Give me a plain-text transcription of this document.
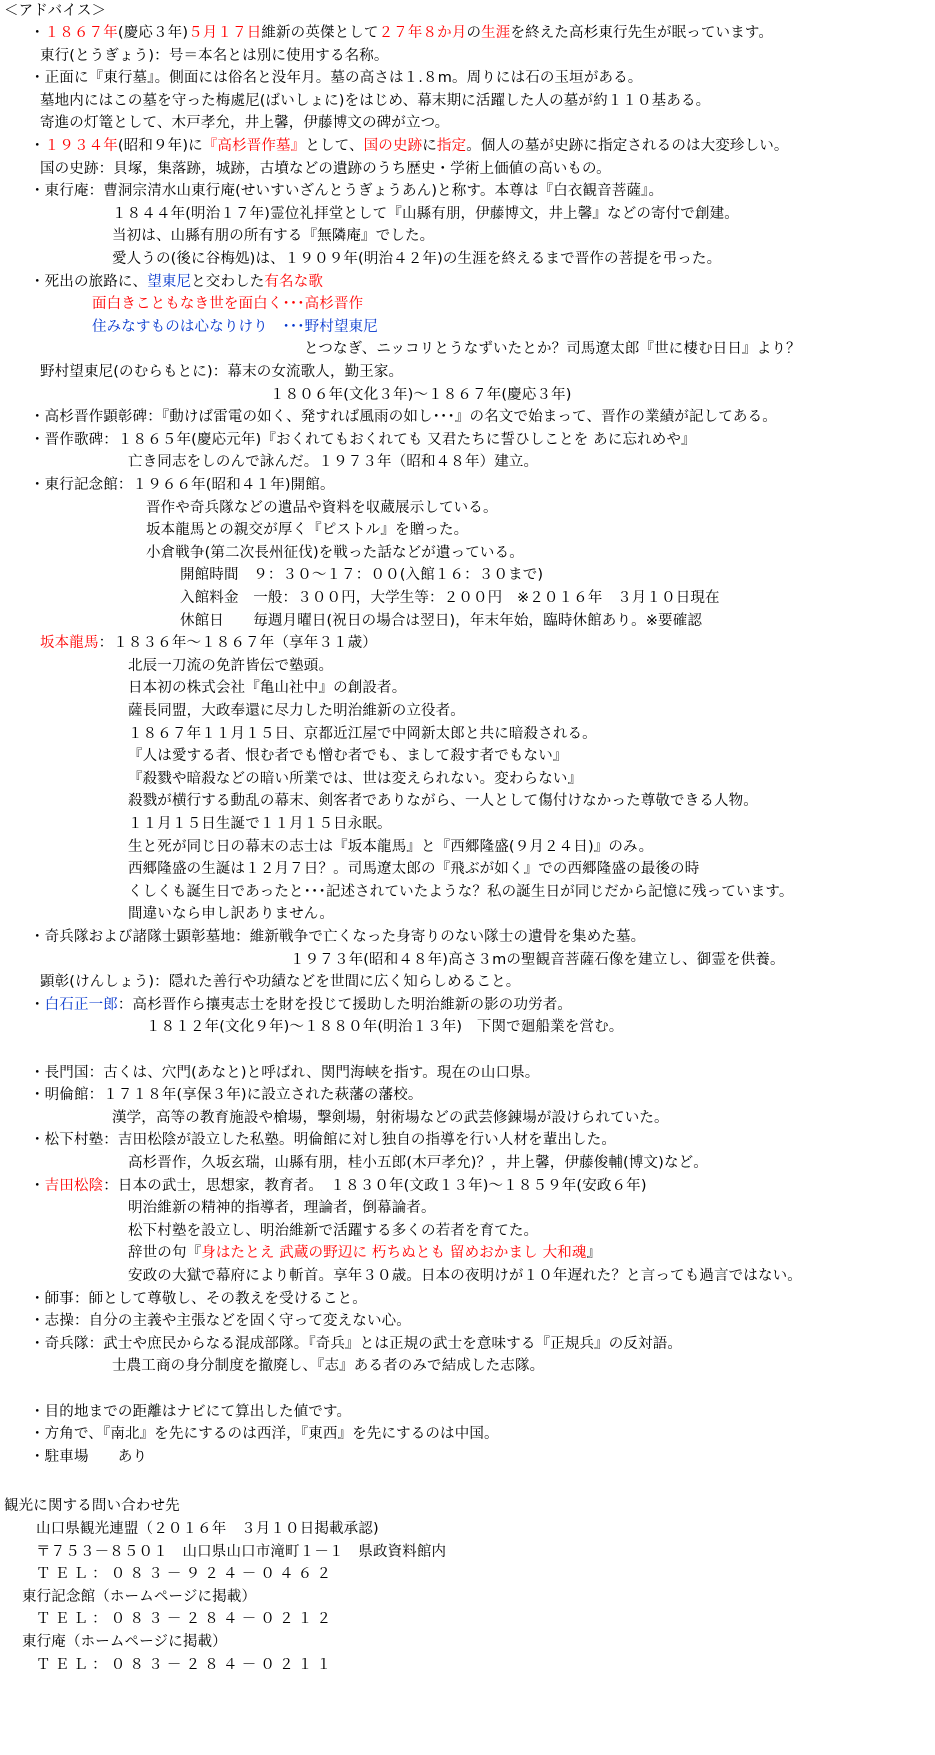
＜アドバイス＞
・１８６７年(慶応３年)５月１７日維新の英傑として２７年８か月の生涯を終えた高杉東行先生が眠っています。
東行(とうぎょう)：号＝本名とは別に使用する名称。
・正面に『東行墓』。側面には俗名と没年月。墓の高さは１.８m。周りには石の玉垣がある。
墓地内にはこの墓を守った梅處尼(ばいしょに)をはじめ、幕末期に活躍した人の墓が約１１０基ある。
寄進の灯篭として、木戸孝允，井上馨，伊藤博文の碑が立つ。
・１９３４年(昭和９年)に『高杉晋作墓』として、国の史跡に指定。個人の墓が史跡に指定されるのは大変珍しい。
国の史跡：貝塚，集落跡，城跡，古墳などの遺跡のうち歴史・学術上価値の高いもの。
・東行庵：曹洞宗清水山東行庵(せいすいざんとうぎょうあん)と称す。本尊は『白衣観音菩薩』。
１８４４年(明治１７年)霊位礼拝堂として『山縣有朋，伊藤博文，井上馨』などの寄付で創建。
当初は、山縣有朋の所有する『無隣庵』でした。
愛人うの(後に谷梅処)は、１９０９年(明治４２年)の生涯を終えるまで晋作の菩提を弔った。
・死出の旅路に、望東尼と交わした有名な歌
面白きこともなき世を面白く･･･高杉晋作
住みなすものは心なりけり　･･･野村望東尼
とつなぎ、ニッコリとうなずいたとか？司馬遼太郎『世に棲む日日』より？
野村望東尼(のむらもとに)：幕末の女流歌人，勤王家。
１８０６年(文化３年)～１８６７年(慶応３年)
・高杉晋作顕彰碑：『動けば雷電の如く、発すれば風雨の如し･･･』の名文で始まって、晋作の業績が記してある。
・晋作歌碑：１８６５年(慶応元年)『おくれてもおくれても 又君たちに誓ひしことを あに忘れめや』
亡き同志をしのんで詠んだ。１９７３年（昭和４８年）建立。
・東行記念館：１９６６年(昭和４１年)開館。
晋作や奇兵隊などの遺品や資料を収蔵展示している。
坂本龍馬との親交が厚く『ピストル』を贈った。
小倉戦争(第二次長州征伐)を戦った話などが遺っている。
開館時間　９：３０～１７：００(入館１６：３０まで)
入館料金　一般：３００円，大学生等：２００円　※２０１６年　３月１０日現在
休館日　　毎週月曜日(祝日の場合は翌日)，年末年始，臨時休館あり。※要確認
坂本龍馬：１８３６年～１８６７年（享年３１歳）
北辰一刀流の免許皆伝で塾頭。
日本初の株式会社『亀山社中』の創設者。
薩長同盟，大政奉還に尽力した明治維新の立役者。
１８６７年１１月１５日、京都近江屋で中岡新太郎と共に暗殺される。
『人は愛する者、恨む者でも憎む者でも、まして殺す者でもない』
『殺戮や暗殺などの暗い所業では、世は変えられない。変わらない』
殺戮が横行する動乱の幕末、剣客者でありながら、一人として傷付けなかった尊敬できる人物。
１１月１５日生誕で１１月１５日永眠。
生と死が同じ日の幕末の志士は『坂本龍馬』と『西郷隆盛(９月２４日)』のみ。
西郷隆盛の生誕は１２月７日？。司馬遼太郎の『飛ぶが如く』での西郷隆盛の最後の時
くしくも誕生日であったと･･･記述されていたような？私の誕生日が同じだから記憶に残っています。
間違いなら申し訳ありません。
・奇兵隊および諸隊士顕彰墓地：維新戦争で亡くなった身寄りのない隊士の遺骨を集めた墓。
１９７３年(昭和４８年)高さ３mの聖観音菩薩石像を建立し、御霊を供養。
顕彰(けんしょう)：隠れた善行や功績などを世間に広く知らしめること。
・白石正一郎：高杉晋作ら攘夷志士を財を投じて援助した明治維新の影の功労者。
１８１２年(文化９年)～１８８０年(明治１３年)　下関で廻船業を営む。
・長門国：古くは、穴門(あなと)と呼ばれ、関門海峡を指す。現在の山口県。
・明倫館：１７１８年(享保３年)に設立された萩藩の藩校。
漢学，高等の教育施設や槍場，撃剣場，射術場などの武芸修錬場が設けられていた。
・松下村塾：吉田松陰が設立した私塾。明倫館に対し独自の指導を行い人材を輩出した。
高杉晋作，久坂玄瑞，山縣有朋，桂小五郎(木戸孝允)？，井上馨，伊藤俊輔(博文)など。
・吉田松陰：日本の武士，思想家，教育者。　１８３０年(文政１３年)～１８５９年(安政６年)
明治維新の精神的指導者，理論者，倒幕論者。
松下村塾を設立し、明治維新で活躍する多くの若者を育てた。
辞世の句『身はたとえ 武蔵の野辺に 朽ちぬとも 留めおかまし 大和魂』
安政の大獄で幕府により斬首。享年３０歳。日本の夜明けが１０年遅れた？と言っても過言ではない。
・師事：師として尊敬し、その教えを受けること。
・志操：自分の主義や主張などを固く守って変えない心。
・奇兵隊：武士や庶民からなる混成部隊。『奇兵』とは正規の武士を意味する『正規兵』の反対語。
士農工商の身分制度を撤廃し、『志』ある者のみで結成した志隊。
・目的地までの距離はナビにて算出した値です。
・方角で、『南北』を先にするのは西洋，『東西』を先にするのは中国。
・駐車場　　あり
観光に関する問い合わせ先
山口県観光連盟（２０１６年　３月１０日掲載承認)
〒７５３－８５０１　山口県山口市滝町１－１　県政資料館内
ＴＥＬ：０８３－９２４－０４６２
東行記念館（ホームページに掲載）
ＴＥＬ：０８３－２８４－０２１２
東行庵（ホームページに掲載）
ＴＥＬ：０８３－２８４－０２１１
